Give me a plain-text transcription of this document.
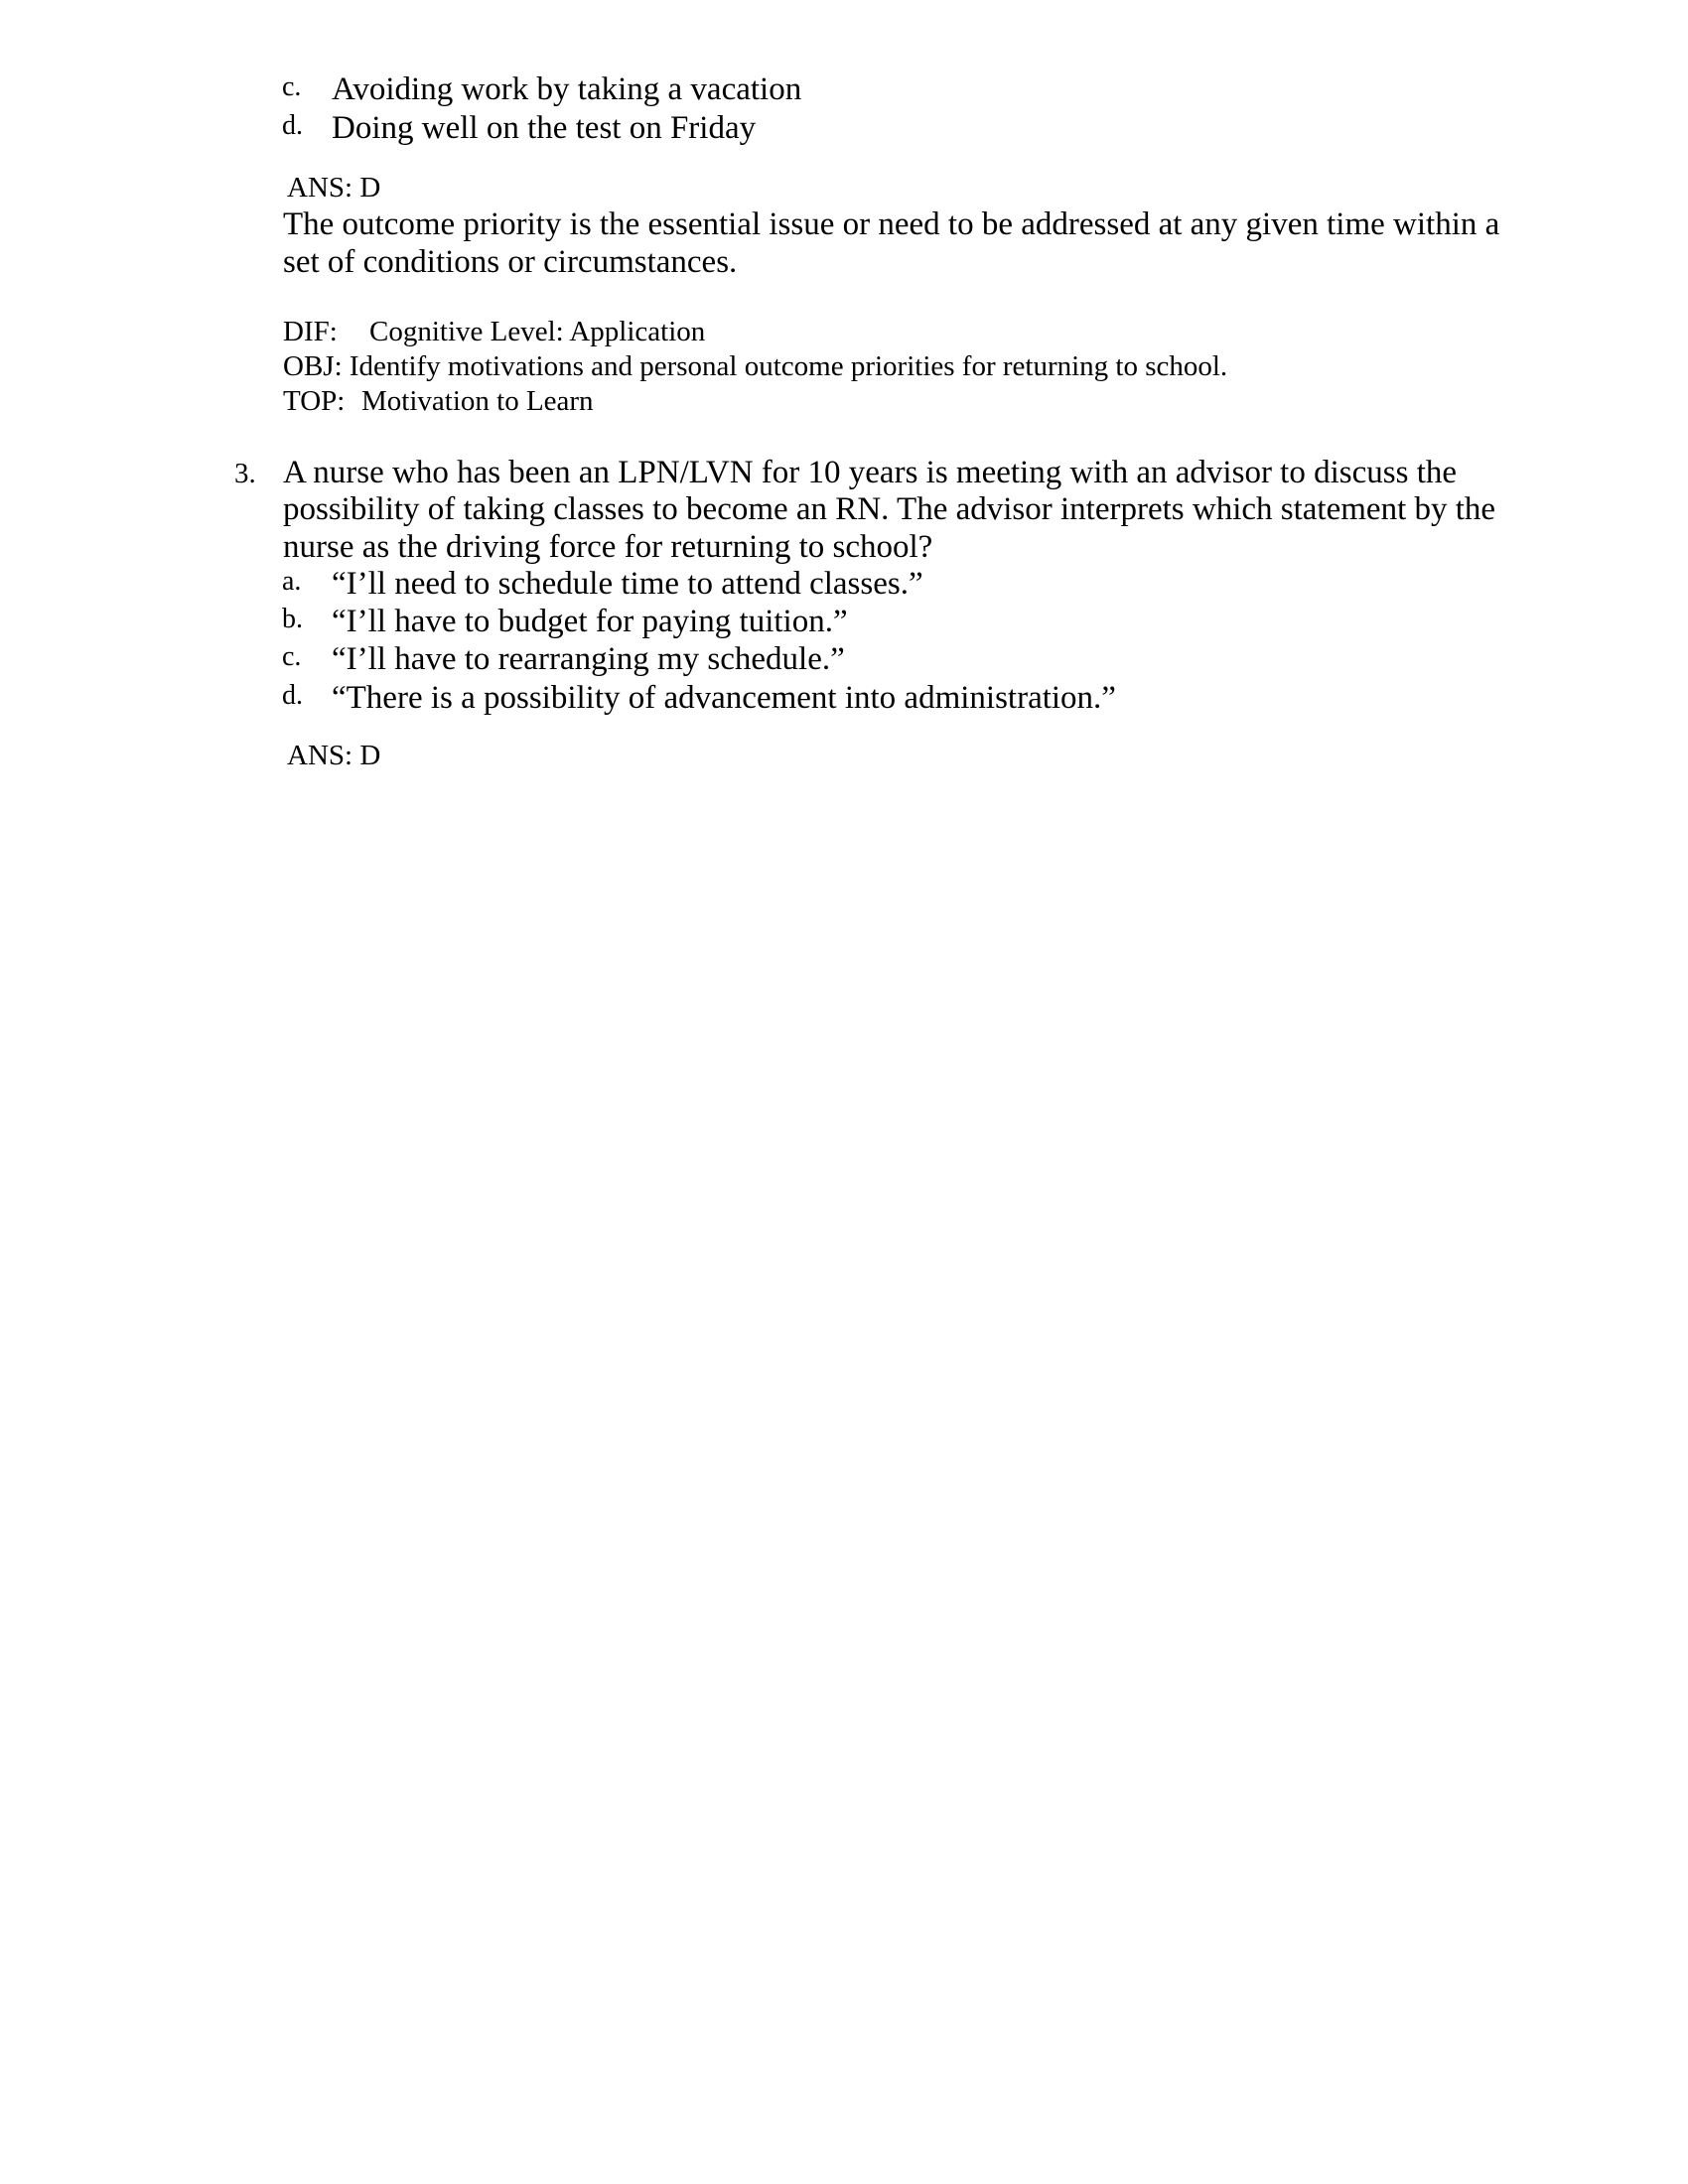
c. Avoiding work by taking a vacation
d. Doing well on the test on Friday
ANS: D
The outcome priority is the essential issue or need to be addressed at any given time within a
set of conditions or circumstances.
DIF: Cognitive Level: Application
OBJ: Identify motivations and personal outcome priorities for returning to school.
TOP: Motivation to Learn
3. A nurse who has been an LPN/LVN for 10 years is meeting with an advisor to discuss the
possibility of taking classes to become an RN. The advisor interprets which statement by the
nurse as the driving force for returning to school?
a. “I’ll need to schedule time to attend classes.”
b. “I’ll have to budget for paying tuition.”
c. “I’ll have to rearranging my schedule.”
d. “There is a possibility of advancement into administration.”
ANS: D
